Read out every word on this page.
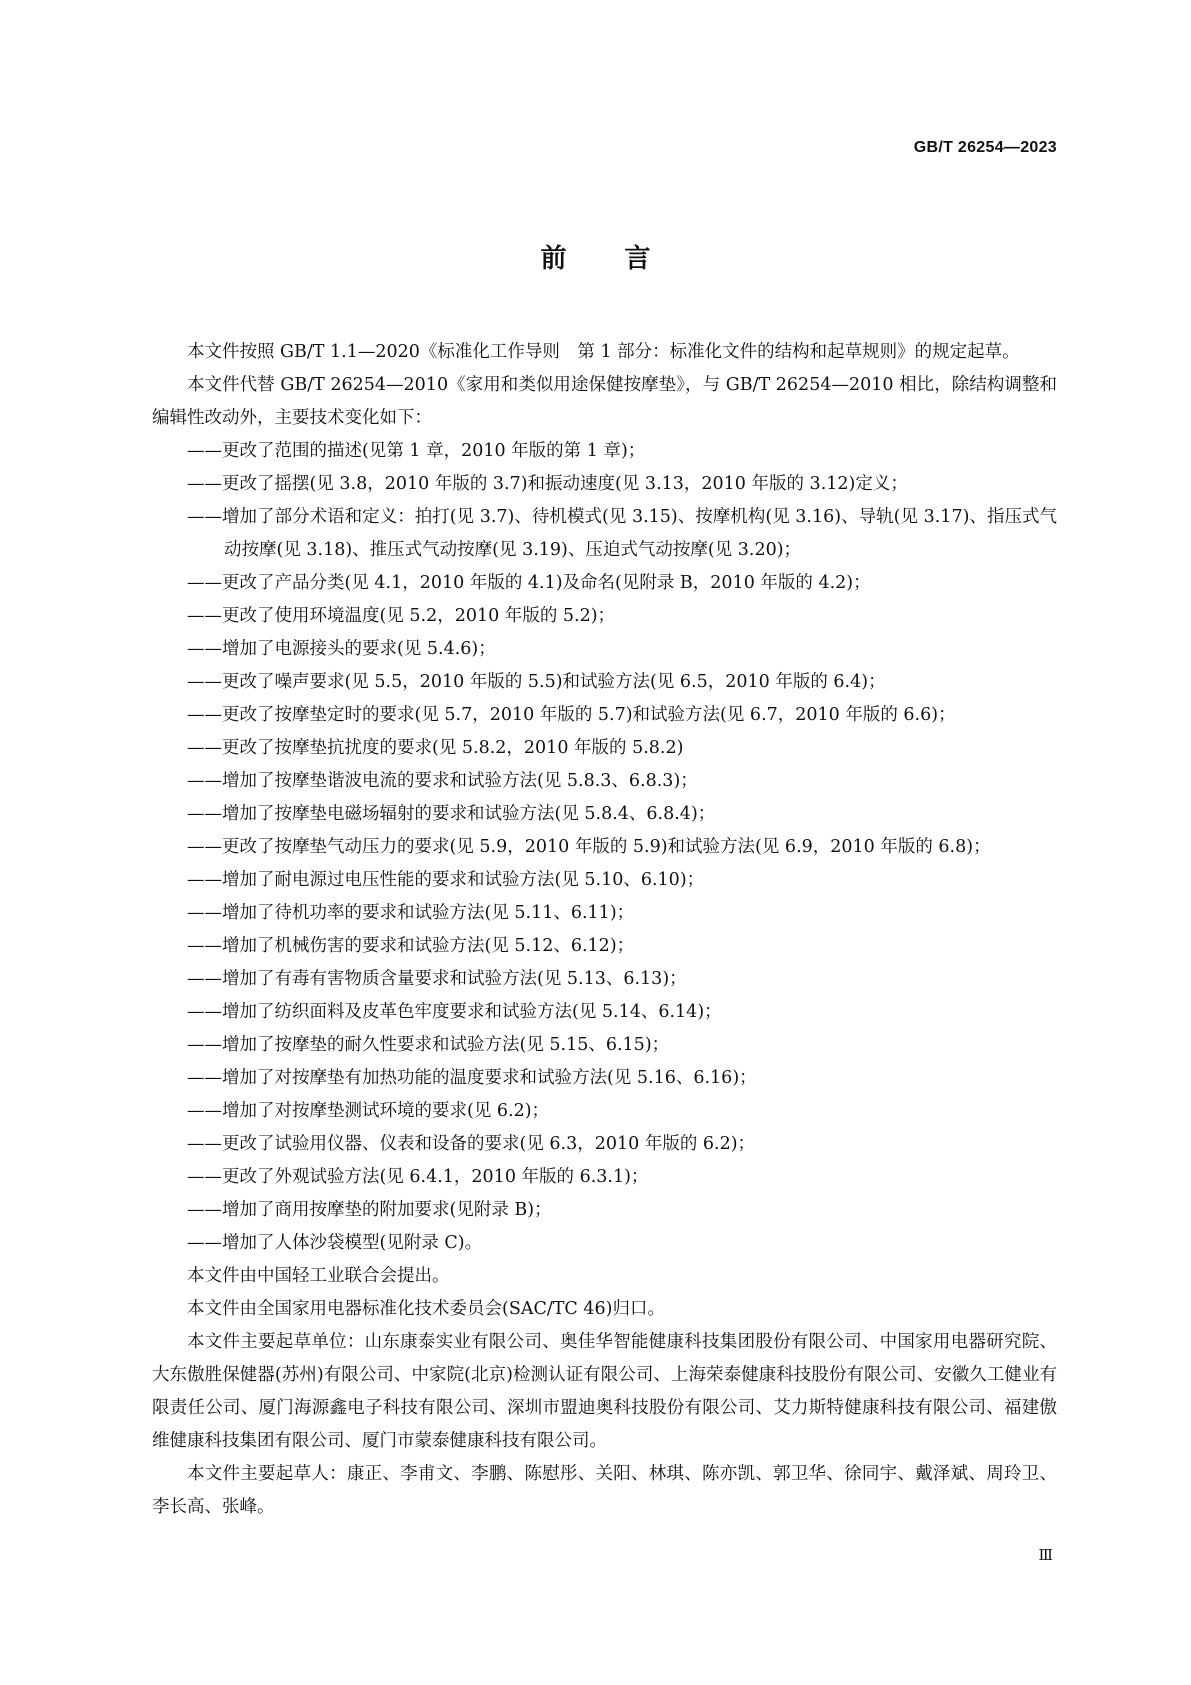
GB/T 26254—2023
前言

本文件按照 GB/T 1.1—2020《标准化工作导则　第 1 部分：标准化文件的结构和起草规则》的规定起草。

本文件代替 GB/T 26254—2010《家用和类似用途保健按摩垫》，与 GB/T 26254—2010 相比，除结构调整和编辑性改动外，主要技术变化如下：

——更改了范围的描述(见第 1 章，2010 年版的第 1 章)；
——更改了摇摆(见 3.8，2010 年版的 3.7)和振动速度(见 3.13，2010 年版的 3.12)定义；
——增加了部分术语和定义：拍打(见 3.7)、待机模式(见 3.15)、按摩机构(见 3.16)、导轨(见 3.17)、指压式气动按摩(见 3.18)、推压式气动按摩(见 3.19)、压迫式气动按摩(见 3.20)；
——更改了产品分类(见 4.1，2010 年版的 4.1)及命名(见附录 B，2010 年版的 4.2)；
——更改了使用环境温度(见 5.2，2010 年版的 5.2)；
——增加了电源接头的要求(见 5.4.6)；
——更改了噪声要求(见 5.5，2010 年版的 5.5)和试验方法(见 6.5，2010 年版的 6.4)；
——更改了按摩垫定时的要求(见 5.7，2010 年版的 5.7)和试验方法(见 6.7，2010 年版的 6.6)；
——更改了按摩垫抗扰度的要求(见 5.8.2，2010 年版的 5.8.2)
——增加了按摩垫谐波电流的要求和试验方法(见 5.8.3、6.8.3)；
——增加了按摩垫电磁场辐射的要求和试验方法(见 5.8.4、6.8.4)；
——更改了按摩垫气动压力的要求(见 5.9，2010 年版的 5.9)和试验方法(见 6.9，2010 年版的 6.8)；
——增加了耐电源过电压性能的要求和试验方法(见 5.10、6.10)；
——增加了待机功率的要求和试验方法(见 5.11、6.11)；
——增加了机械伤害的要求和试验方法(见 5.12、6.12)；
——增加了有毒有害物质含量要求和试验方法(见 5.13、6.13)；
——增加了纺织面料及皮革色牢度要求和试验方法(见 5.14、6.14)；
——增加了按摩垫的耐久性要求和试验方法(见 5.15、6.15)；
——增加了对按摩垫有加热功能的温度要求和试验方法(见 5.16、6.16)；
——增加了对按摩垫测试环境的要求(见 6.2)；
——更改了试验用仪器、仪表和设备的要求(见 6.3，2010 年版的 6.2)；
——更改了外观试验方法(见 6.4.1，2010 年版的 6.3.1)；
——增加了商用按摩垫的附加要求(见附录 B)；
——增加了人体沙袋模型(见附录 C)。

本文件由中国轻工业联合会提出。

本文件由全国家用电器标准化技术委员会(SAC/TC 46)归口。

本文件主要起草单位：山东康泰实业有限公司、奥佳华智能健康科技集团股份有限公司、中国家用电器研究院、大东傲胜保健器(苏州)有限公司、中家院(北京)检测认证有限公司、上海荣泰健康科技股份有限公司、安徽久工健业有限责任公司、厦门海源鑫电子科技有限公司、深圳市盟迪奥科技股份有限公司、艾力斯特健康科技有限公司、福建傲维健康科技集团有限公司、厦门市蒙泰健康科技有限公司。

本文件主要起草人：康正、李甫文、李鹏、陈慰彤、关阳、林琪、陈亦凯、郭卫华、徐同宇、戴泽斌、周玲卫、李长高、张峰。

Ⅲ
